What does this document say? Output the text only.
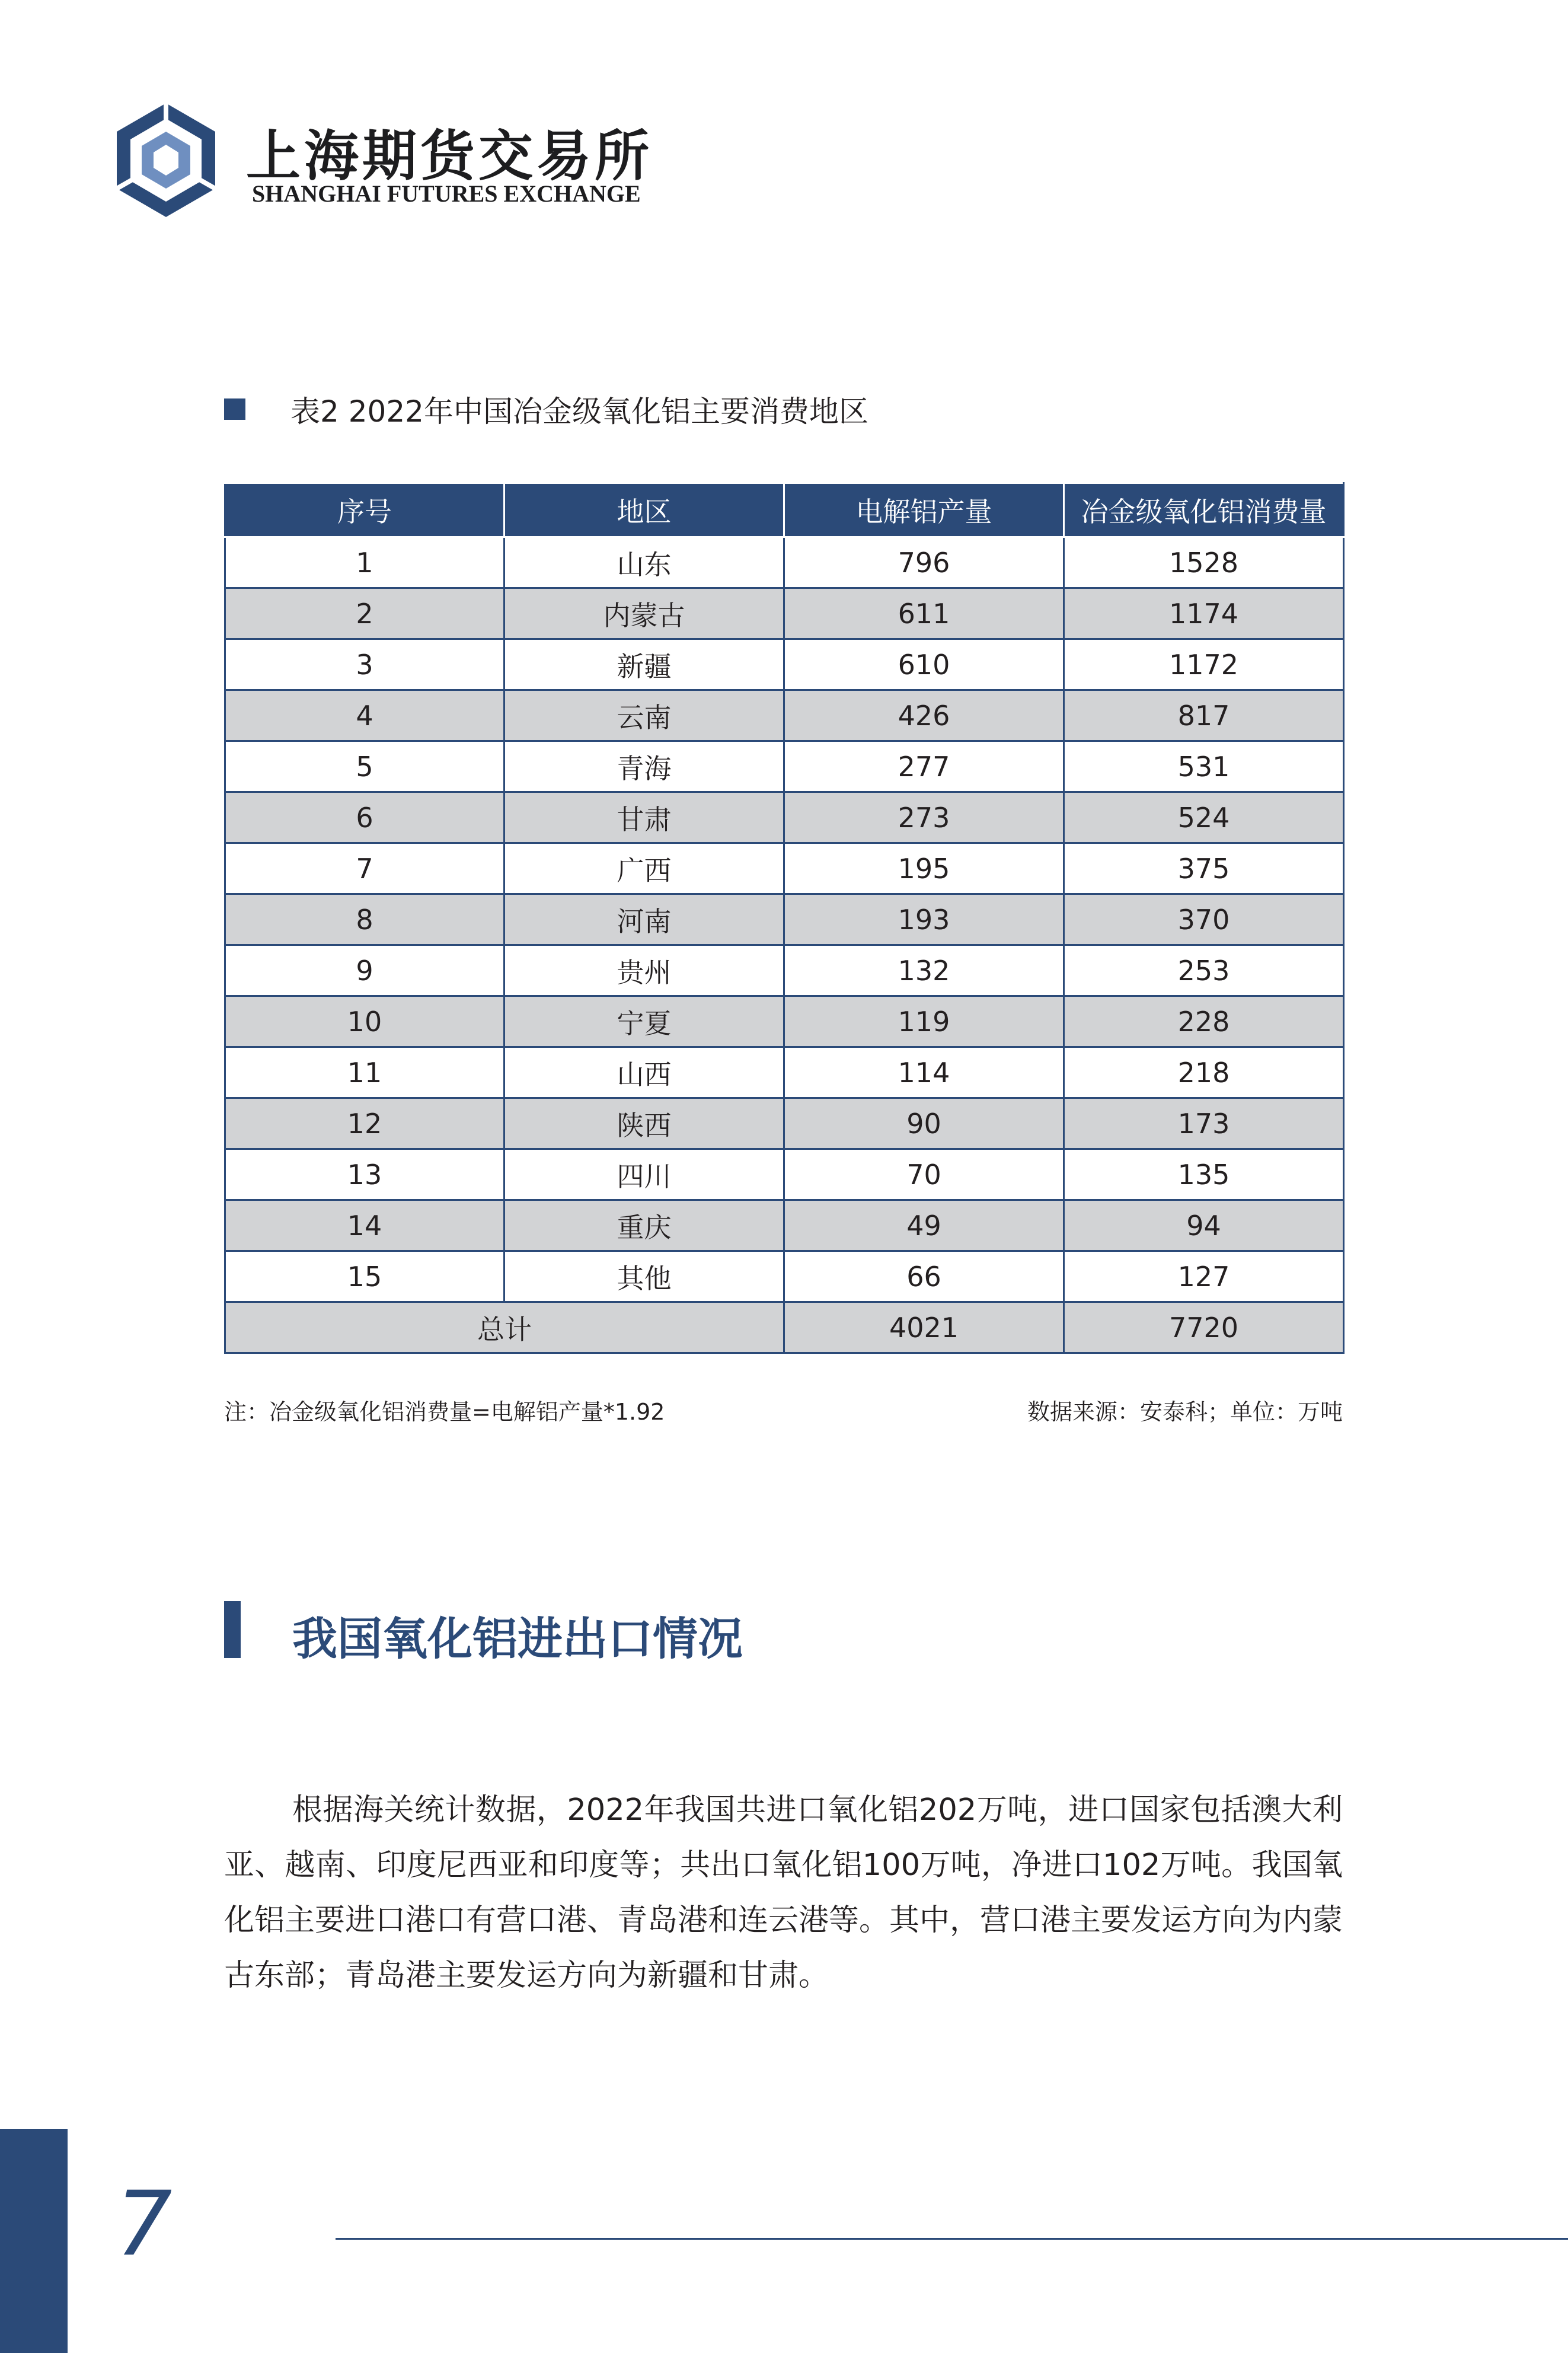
上海期货交易所
SHANGHAI FUTURES EXCHANGE
表2 2022年中国冶金级氧化铝主要消费地区
序号	地区	电解铝产量	冶金级氧化铝消费量
1	山东	796	1528
2	内蒙古	611	1174
3	新疆	610	1172
4	云南	426	817
5	青海	277	531
6	甘肃	273	524
7	广西	195	375
8	河南	193	370
9	贵州	132	253
10	宁夏	119	228
11	山西	114	218
12	陕西	90	173
13	四川	70	135
14	重庆	49	94
15	其他	66	127
总计		4021	7720
注：冶金级氧化铝消费量=电解铝产量*1.92	数据来源：安泰科；单位：万吨
我国氧化铝进出口情况

根据海关统计数据，2022年我国共进口氧化铝202万吨，进口国家包括澳大利亚、越南、印度尼西亚和印度等；共出口氧化铝100万吨，净进口102万吨。我国氧化铝主要进口港口有营口港、青岛港和连云港等。其中，营口港主要发运方向为内蒙古东部；青岛港主要发运方向为新疆和甘肃。

7
